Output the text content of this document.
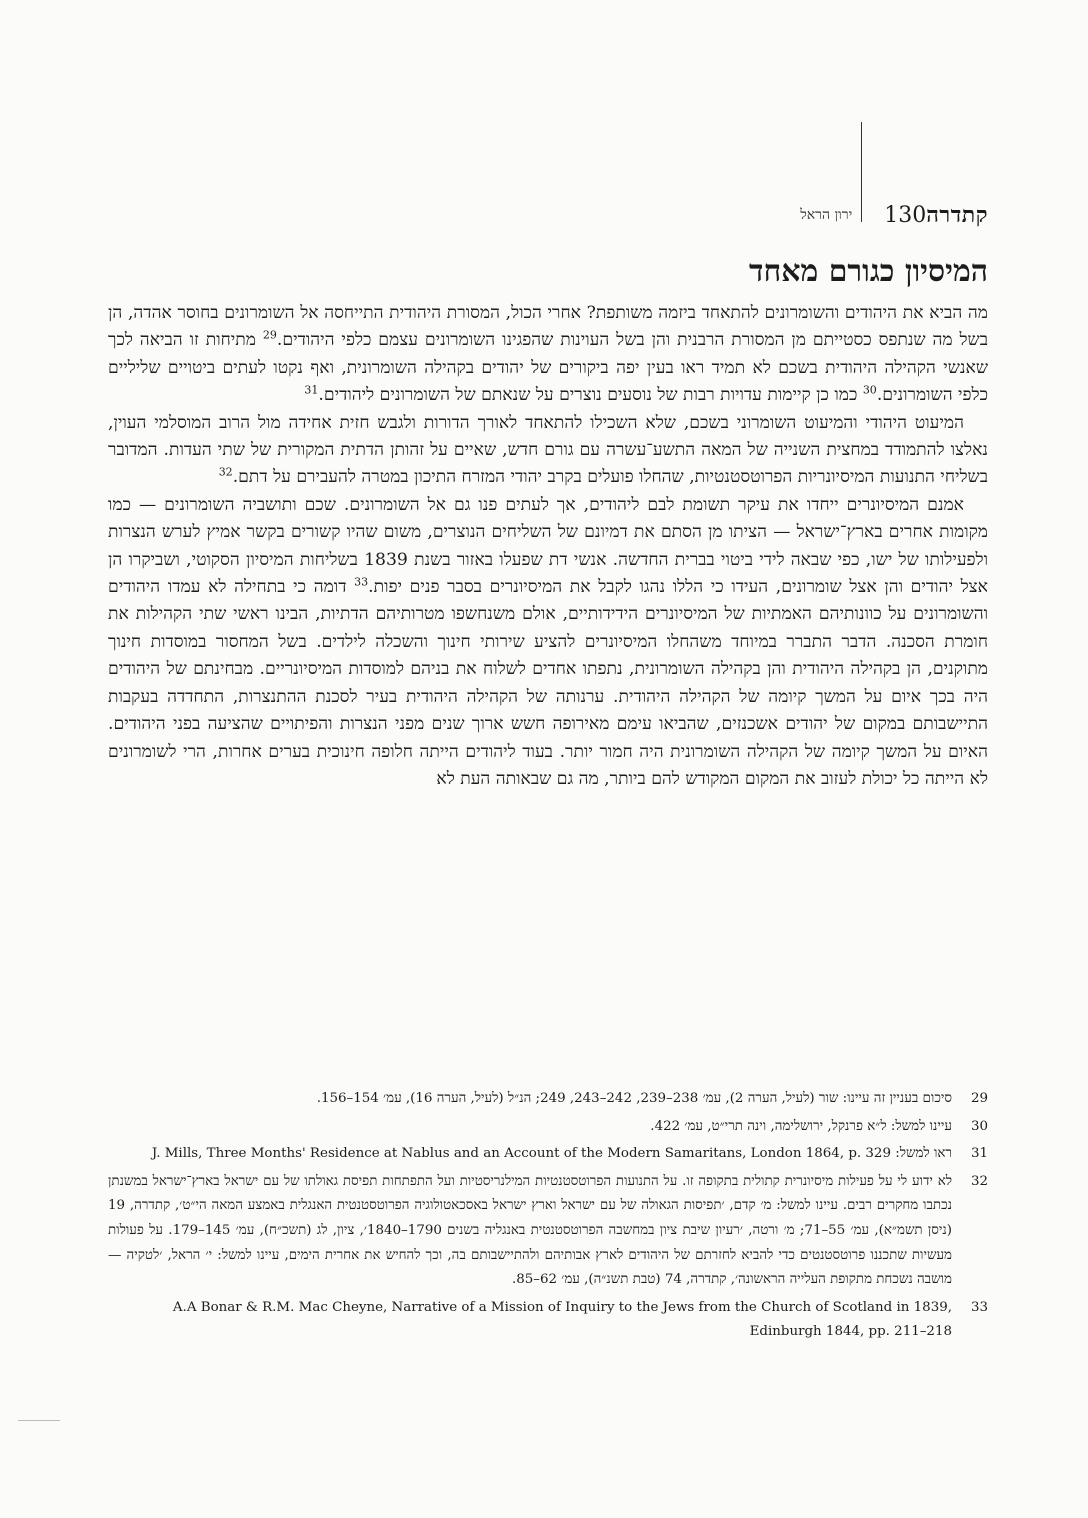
קתדרה
130
ירון הראל
המיסיון כגורם מאחד

מה הביא את היהודים והשומרונים להתאחד ביזמה משותפת? אחרי הכול, המסורת היהודית התייחסה אל השומרונים בחוסר אהדה, הן בשל מה שנתפס כסטייתם מן המסורת הרבנית והן בשל העוינות שהפגינו השומרונים עצמם כלפי היהודים.$^{29}$ מתיחות זו הביאה לכך שאנשי הקהילה היהודית בשכם לא תמיד ראו בעין יפה ביקורים של יהודים בקהילה השומרונית, ואף נקטו לעתים ביטויים שליליים כלפי השומרונים.$^{30}$ כמו כן קיימות עדויות רבות של נוסעים נוצרים על שנאתם של השומרונים ליהודים.$^{31}$

המיעוט היהודי והמיעוט השומרוני בשכם, שלא השכילו להתאחד לאורך הדורות ולגבש חזית אחידה מול הרוב המוסלמי העוין, נאלצו להתמודד במחצית השנייה של המאה התשע־עשרה עם גורם חדש, שאיים על זהותן הדתית המקורית של שתי העדות. המדובר בשליחי התנועות המיסיונריות הפרוטסטנטיות, שהחלו פועלים בקרב יהודי המזרח התיכון במטרה להעבירם על דתם.$^{32}$

אמנם המיסיונרים ייחדו את עיקר תשומת לבם ליהודים, אך לעתים פנו גם אל השומרונים. שכם ותושביה השומרונים — כמו מקומות אחרים בארץ־ישראל — הציתו מן הסתם את דמיונם של השליחים הנוצרים, משום שהיו קשורים בקשר אמיץ לערש הנצרות ולפעילותו של ישו, כפי שבאה לידי ביטוי בברית החדשה. אנשי דת שפעלו באזור בשנת 1839 בשליחות המיסיון הסקוטי, ושביקרו הן אצל יהודים והן אצל שומרונים, העידו כי הללו נהגו לקבל את המיסיונרים בסבר פנים יפות.$^{33}$ דומה כי בתחילה לא עמדו היהודים והשומרונים על כוונותיהם האמתיות של המיסיונרים הידידותיים, אולם משנחשפו מטרותיהם הדתיות, הבינו ראשי שתי הקהילות את חומרת הסכנה. הדבר התברר במיוחד משהחלו המיסיונרים להציע שירותי חינוך והשכלה לילדים. בשל המחסור במוסדות חינוך מתוקנים, הן בקהילה היהודית והן בקהילה השומרונית, נתפתו אחדים לשלוח את בניהם למוסדות המיסיונריים. מבחינתם של היהודים היה בכך איום על המשך קיומה של הקהילה היהודית. ערנותה של הקהילה היהודית בעיר לסכנת ההתנצרות, התחדדה בעקבות התיישבותם במקום של יהודים אשכנזים, שהביאו עימם מאירופה חשש ארוך שנים מפני הנצרות והפיתויים שהציעה בפני היהודים. האיום על המשך קיומה של הקהילה השומרונית היה חמור יותר. בעוד ליהודים הייתה חלופה חינוכית בערים אחרות, הרי לשומרונים לא הייתה כל יכולת לעזוב את המקום המקודש להם ביותר, מה גם שבאותה העת לא

29
סיכום בעניין זה עיינו: שור (לעיל, הערה 2), עמ׳ 238–239, 242–243, 249; הנ״ל (לעיל, הערה 16), עמ׳ 154–156.
30
עיינו למשל: ל״א פרנקל, ירושלימה, וינה תרי״ט, עמ׳ 422.
31
ראו למשל: J. Mills, Three Months' Residence at Nablus and an Account of the Modern Samaritans, London 1864, p. 329
32
לא ידוע לי על פעילות מיסיונרית קתולית בתקופה זו. על התנועות הפרוטסטנטיות המילנריסטיות ועל התפתחות תפיסת גאולתו של עם ישראל בארץ־ישראל במשנתן נכתבו מחקרים רבים. עיינו למשל: מ׳ קדם, ׳תפיסות הגאולה של עם ישראל וארץ ישראל באסכאטולוגיה הפרוטסטנטית האנגלית באמצע המאה הי״ט׳, קתדרה, 19 (ניסן תשמ״א), עמ׳ 55–71; מ׳ ורטה, ׳רעיון שיבת ציון במחשבה הפרוטסטנטית באנגליה בשנים 1790–1840׳, ציון, לג (תשכ״ח), עמ׳ 145–179. על פעולות מעשיות שתכננו פרוטסטנטים כדי להביא לחזרתם של היהודים לארץ אבותיהם ולהתיישבותם בה, וכך להחיש את אחרית הימים, עיינו למשל: י׳ הראל, ׳לטקיה — מושבה נשכחת מתקופת העלייה הראשונה׳, קתדרה, 74 (טבת תשנ״ה), עמ׳ 62–85.
33
A.A Bonar & R.M. Mac Cheyne, Narrative of a Mission of Inquiry to the Jews from the Church of Scotland in 1839, Edinburgh 1844, pp. 211–218
